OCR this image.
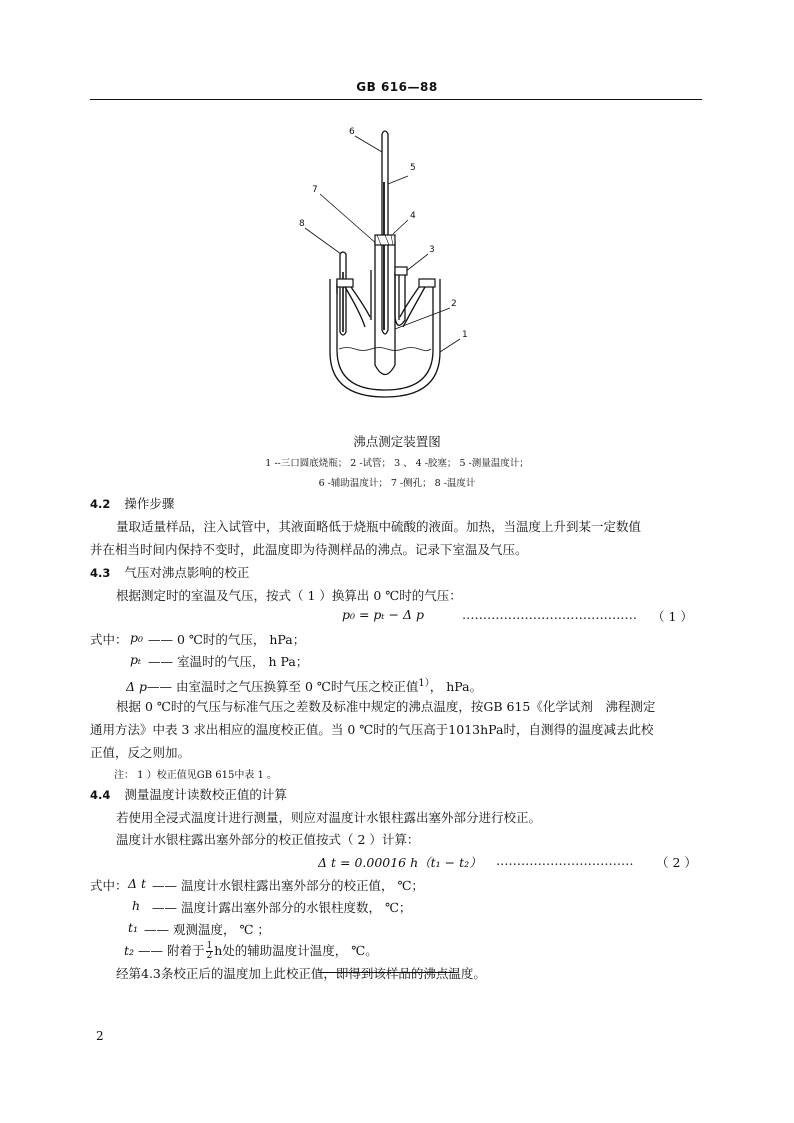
GB 616—88
6
5
7
4
8
3
2
1
沸点测定装置图
1 --三口圆底烧瓶； 2 -试管； 3 、 4 -胶塞； 5 -测量温度计；
6 -辅助温度计； 7 -侧孔； 8 -温度计
4.2 操作步骤
量取适量样品，注入试管中，其液面略低于烧瓶中硫酸的液面。加热，当温度上升到某一定数值
并在相当时间内保持不变时，此温度即为待测样品的沸点。记录下室温及气压。
4.3 气压对沸点影响的校正
根据测定时的室温及气压，按式（ 1 ）换算出 0 ℃时的气压：
p₀ = pₜ − Δ p	…………………………………… （ 1 ）
式中： p₀ —— 0 ℃时的气压， hPa；
pₜ —— 室温时的气压， h Pa；
Δ p—— 由室温时之气压换算至 0 ℃时气压之校正值$^{1)}$， hPa。
根据 0 ℃时的气压与标准气压之差数及标准中规定的沸点温度，按GB 615《化学试剂　沸程测定
通用方法》中表 3 求出相应的温度校正值。当 0 ℃时的气压高于1013hPa时，自测得的温度减去此校
正值，反之则加。
注： 1 ）校正值见GB 615中表 1 。
4.4 测量温度计读数校正值的计算
若使用全浸式温度计进行测量，则应对温度计水银柱露出塞外部分进行校正。
温度计水银柱露出塞外部分的校正值按式（ 2 ）计算：
Δ t = 0.00016 h（t₁ − t₂） …………………………… （ 2 ）
式中： Δ t —— 温度计水银柱露出塞外部分的校正值， ℃；
h —— 温度计露出塞外部分的水银柱度数， ℃；
t₁ —— 观测温度， ℃ ；
t₂ —— 附着于 $\frac{1}{2}$ h处的辅助温度计温度， ℃。
经第4.3条校正后的温度加上此校正值，即得到该样品的沸点温度。
2
